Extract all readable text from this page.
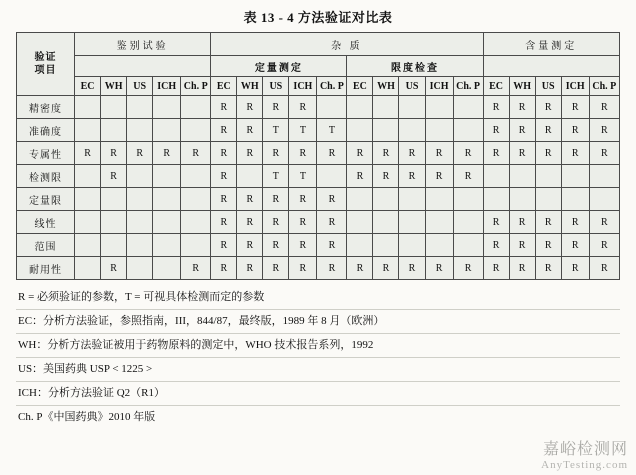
表 13 - 4 方法验证对比表
验证
项目	鉴别试验					杂 质										含量测定				
						定量测定					限度检查									
	EC	WH	US	ICH	Ch. P	EC	WH	US	ICH	Ch. P	EC	WH	US	ICH	Ch. P	EC	WH	US	ICH	Ch. P
精密度						R	R	R	R							R	R	R	R	R
准确度						R	R	T	T	T						R	R	R	R	R
专属性	R	R	R	R	R	R	R	R	R	R	R	R	R	R	R	R	R	R	R	R
检测限		R				R		T	T		R	R	R	R	R					
定量限						R	R	R	R	R										
线性						R	R	R	R	R						R	R	R	R	R
范围						R	R	R	R	R						R	R	R	R	R
耐用性		R			R	R	R	R	R	R	R	R	R	R	R	R	R	R	R	R
R = 必须验证的参数，T = 可视具体检测而定的参数
EC：分析方法验证，参照指南，III，844/87，最终版，1989 年 8 月（欧洲）
WH：分析方法验证被用于药物原料的测定中，WHO 技术报告系列，1992
US：美国药典 USP < 1225 >
ICH：分析方法验证 Q2（R1）
Ch. P《中国药典》2010 年版
嘉峪检测网
AnyTesting.com
